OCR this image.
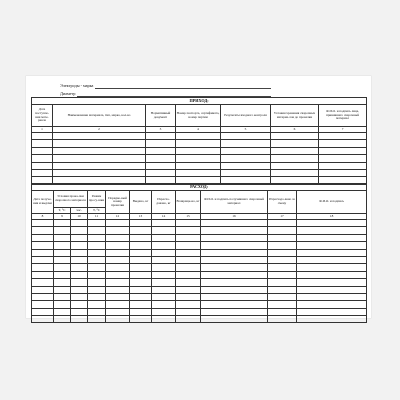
Электроды - марка
Диаметр
ПРИХОД:						
Дата поступле-ния мате-риала	Наименование материала, тип, марка, кол-во	Нормативный документ	Номер паспорта, сертификата, номер партии	Результаты входного контроля	Условия хранения сварочных материа-лов до прокалки	Ф.И.О. и подпись лица, принявшего сварочный материал
1	2	3	4	5	6	7

РАСХОД:										
Дата получе-ния и выдачи	Условия прока-лки сварочного материала		Режим просу-шки	Порядко-вый номер прокалки	Выдано, кг	Израсхо-довано, кг	Возвраще-но, кг	Ф.И.О. и подпись получившего сварочный материал	Израсходо-вано за смену	Ф.И.О. и подпись
	T, °C	час.	T, °C							
8	9	10	11	12	13	14	15	16	17	18
